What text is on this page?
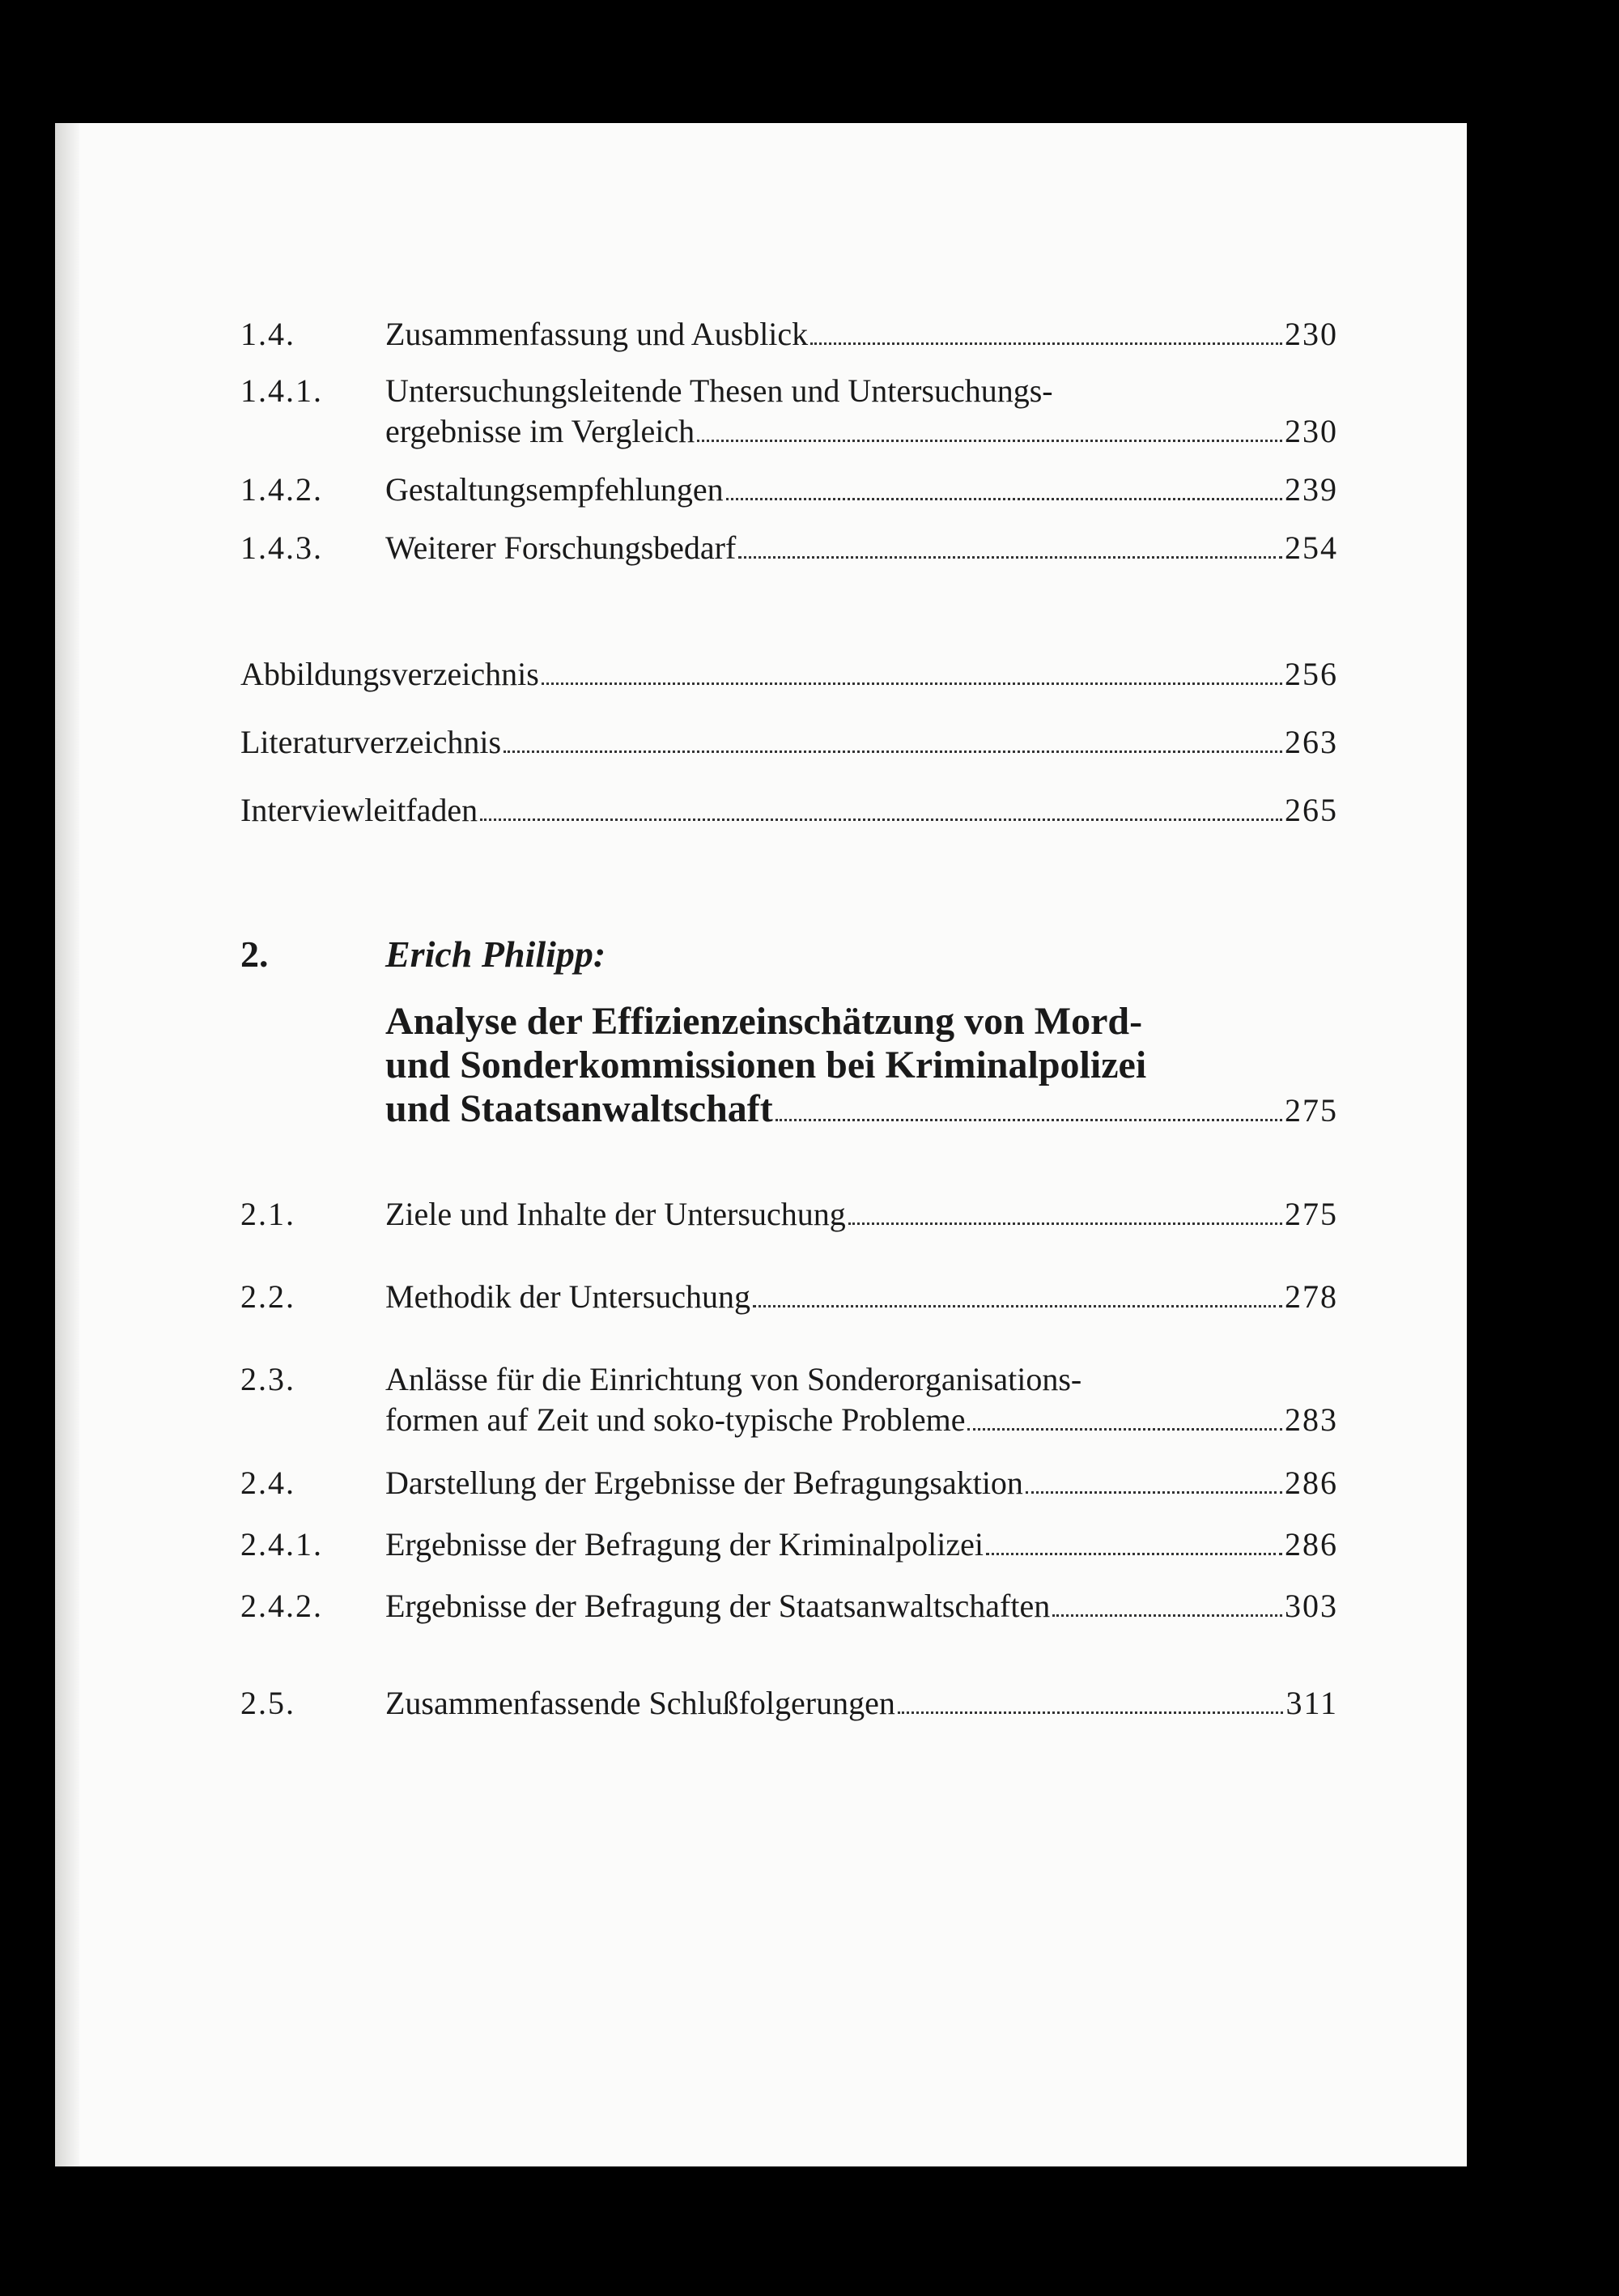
1.4.	Zusammenfassung und Ausblick	230
1.4.1.	Untersuchungsleitende Thesen und Untersuchungs-
ergebnisse im Vergleich	230
1.4.2.	Gestaltungsempfehlungen	239
1.4.3.	Weiterer Forschungsbedarf	254
Abbildungsverzeichnis	256
Literaturverzeichnis	263
Interviewleitfaden	265
2.	Erich Philipp:
Analyse der Effizienzeinschätzung von Mord-
und Sonderkommissionen bei Kriminalpolizei
und Staatsanwaltschaft	275
2.1.	Ziele und Inhalte der Untersuchung	275
2.2.	Methodik der Untersuchung	278
2.3.	Anlässe für die Einrichtung von Sonderorganisations-
formen auf Zeit und soko-typische Probleme	283
2.4.	Darstellung der Ergebnisse der Befragungsaktion	286
2.4.1.	Ergebnisse der Befragung der Kriminalpolizei	286
2.4.2.	Ergebnisse der Befragung der Staatsanwaltschaften	303
2.5.	Zusammenfassende Schlußfolgerungen	311
